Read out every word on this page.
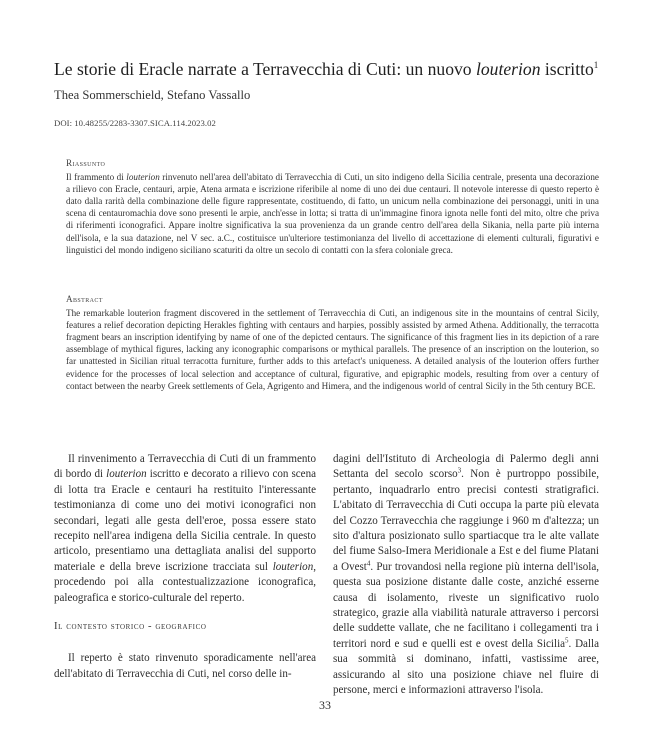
Le storie di Eracle narrate a Terravecchia di Cuti: un nuovo louterion iscritto$^1$
Thea Sommerschield, Stefano Vassallo
DOI: 10.48255/2283-3307.SICA.114.2023.02
Riassunto

Il frammento di louterion rinvenuto nell'area dell'abitato di Terravecchia di Cuti, un sito indigeno della Sicilia centrale, presenta una decorazione a rilievo con Eracle, centauri, arpie, Atena armata e iscrizione riferibile al nome di uno dei due centauri. Il notevole interesse di questo reperto è dato dalla rarità della combinazione delle figure rappresentate, costituendo, di fatto, un unicum nella combinazione dei personaggi, uniti in una scena di centauromachia dove sono presenti le arpie, anch'esse in lotta; si tratta di un'immagine finora ignota nelle fonti del mito, oltre che priva di riferimenti iconografici. Appare inoltre significativa la sua provenienza da un grande centro dell'area della Sikania, nella parte più interna dell'isola, e la sua datazione, nel V sec. a.C., costituisce un'ulteriore testimonianza del livello di accettazione di elementi culturali, figurativi e linguistici del mondo indigeno siciliano scaturiti da oltre un secolo di contatti con la sfera coloniale greca.

Abstract

The remarkable louterion fragment discovered in the settlement of Terravecchia di Cuti, an indigenous site in the mountains of central Sicily, features a relief decoration depicting Herakles fighting with centaurs and harpies, possibly assisted by armed Athena. Additionally, the terracotta fragment bears an inscription identifying by name of one of the depicted centaurs. The significance of this fragment lies in its depiction of a rare assemblage of mythical figures, lacking any iconographic comparisons or mythical parallels. The presence of an inscription on the louterion, so far unattested in Sicilian ritual terracotta furniture, further adds to this artefact's uniqueness. A detailed analysis of the louterion offers further evidence for the processes of local selection and acceptance of cultural, figurative, and epigraphic models, resulting from over a century of contact between the nearby Greek settlements of Gela, Agrigento and Himera, and the indigenous world of central Sicily in the 5th century BCE.

Il rinvenimento a Terravecchia di Cuti di un frammento di bordo di louterion iscritto e decorato a rilievo con scena di lotta tra Eracle e centauri ha restituito l'interessante testimonianza di come uno dei motivi iconografici non secondari, legati alle gesta dell'eroe, possa essere stato recepito nell'area indigena della Sicilia centrale. In questo articolo, presentiamo una dettagliata analisi del supporto materiale e della breve iscrizione tracciata sul louterion, procedendo poi alla contestualizzazione iconografica, paleografica e storico-culturale del reperto.

Il contesto storico - geografico

Il reperto è stato rinvenuto sporadicamente nell'area dell'abitato di Terravecchia di Cuti, nel corso delle in-

dagini dell'Istituto di Archeologia di Palermo degli anni Settanta del secolo scorso$^3$. Non è purtroppo possibile, pertanto, inquadrarlo entro precisi contesti stratigrafici. L'abitato di Terravecchia di Cuti occupa la parte più elevata del Cozzo Terravecchia che raggiunge i 960 m d'altezza; un sito d'altura posizionato sullo spartiacque tra le alte vallate del fiume Salso-Imera Meridionale a Est e del fiume Platani a Ovest$^4$. Pur trovandosi nella regione più interna dell'isola, questa sua posizione distante dalle coste, anziché esserne causa di isolamento, riveste un significativo ruolo strategico, grazie alla viabilità naturale attraverso i percorsi delle suddette vallate, che ne facilitano i collegamenti tra i territori nord e sud e quelli est e ovest della Sicilia$^5$. Dalla sua sommità si dominano, infatti, vastissime aree, assicurando al sito una posizione chiave nel fluire di persone, merci e informazioni attraverso l'isola.

33
